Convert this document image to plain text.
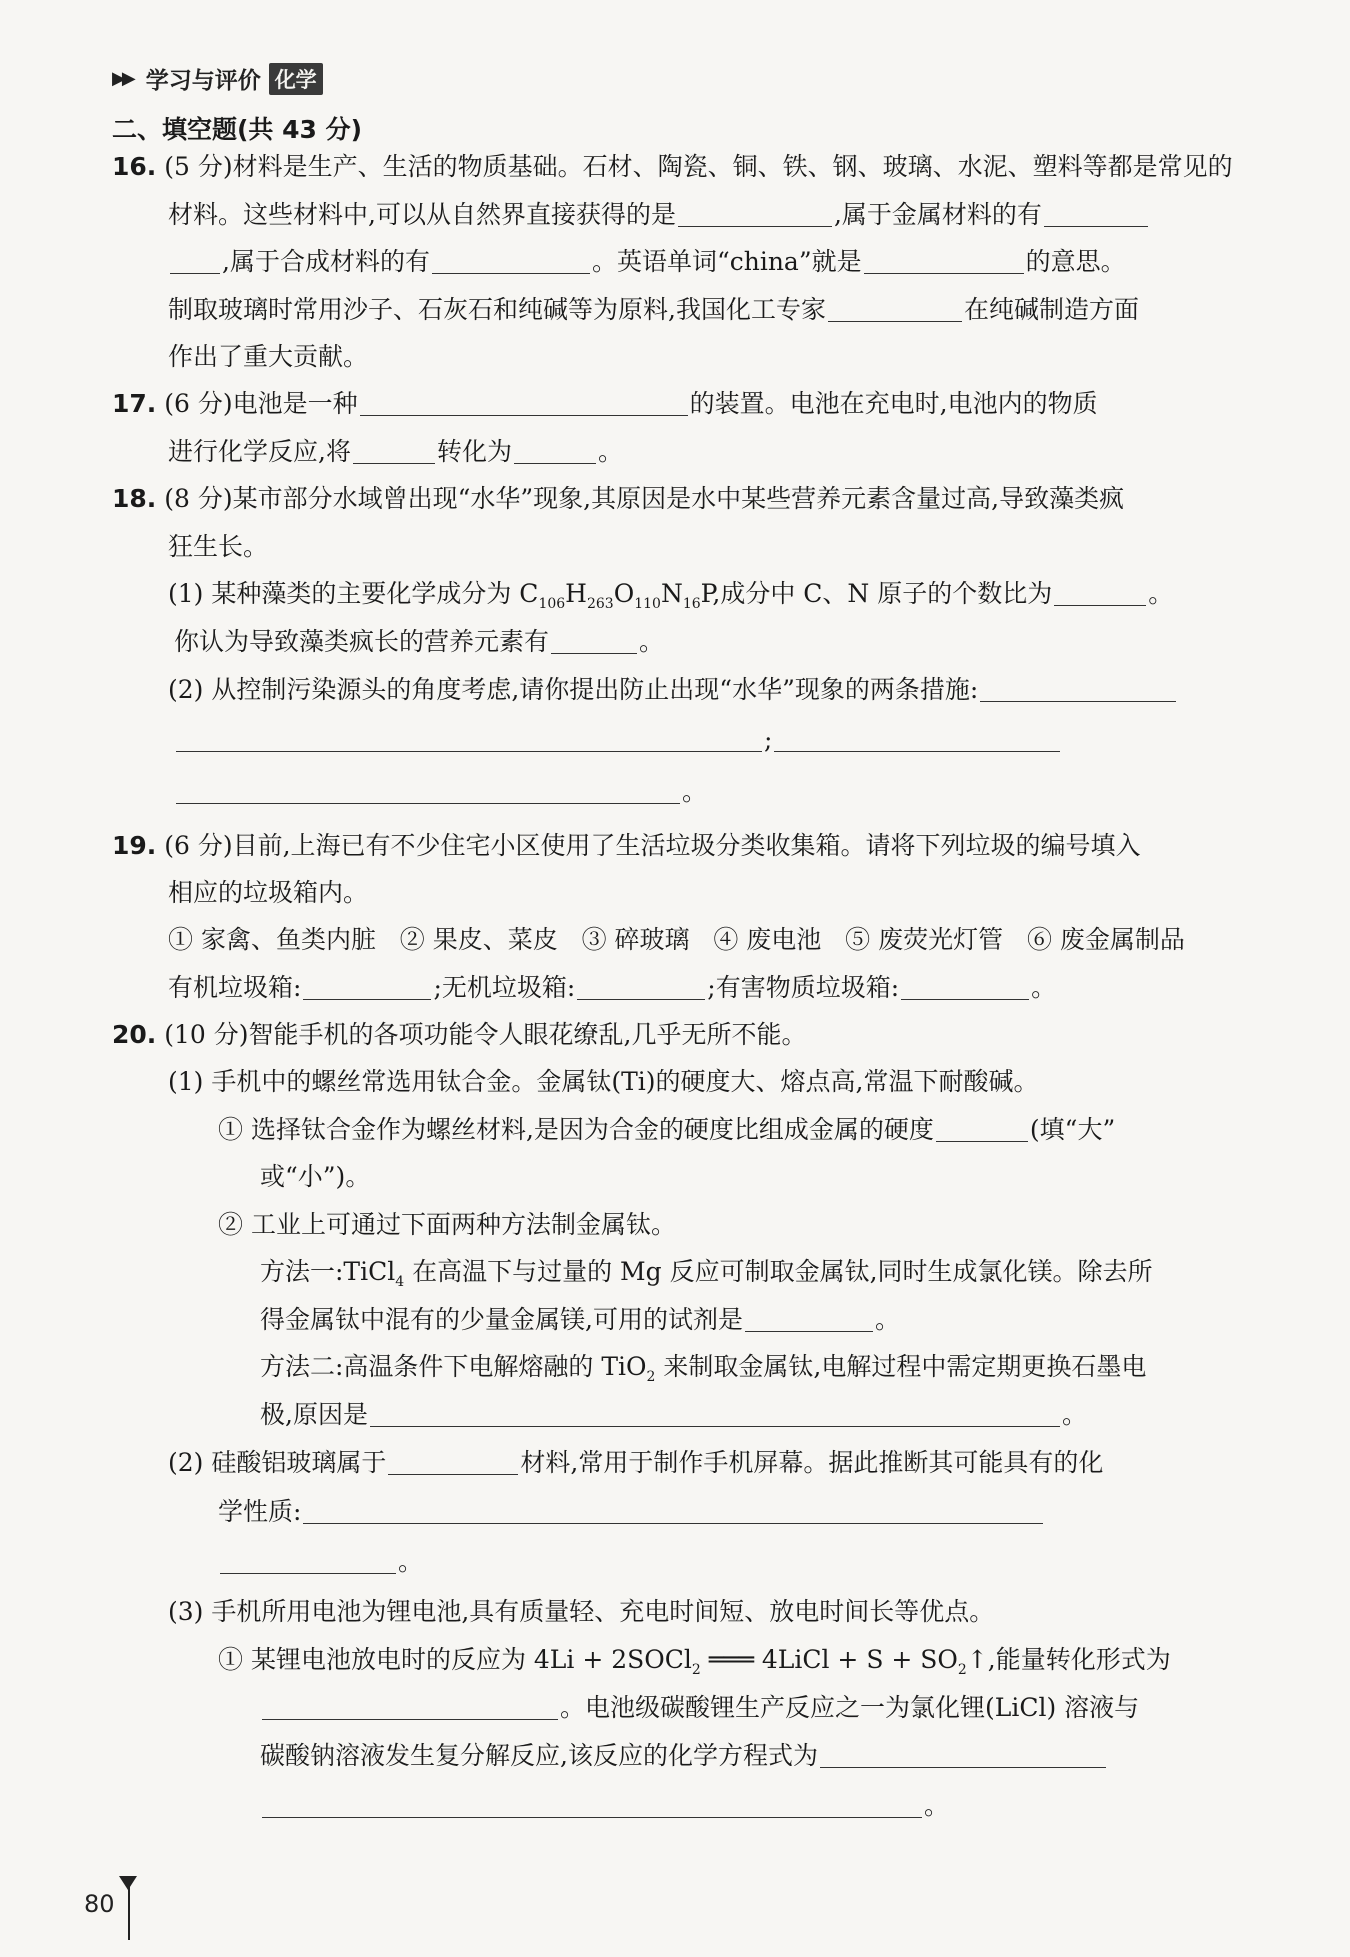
▶▶ 学习与评价 化学
二、填空题(共 43 分)
16. (5 分)材料是生产、生活的物质基础。石材、陶瓷、铜、铁、钢、玻璃、水泥、塑料等都是常见的
材料。这些材料中,可以从自然界直接获得的是	,属于金属材料的有
,属于合成材料的有	。英语单词“china”就是	的意思。
制取玻璃时常用沙子、石灰石和纯碱等为原料,我国化工专家	在纯碱制造方面
作出了重大贡献。
17. (6 分)电池是一种	的装置。电池在充电时,电池内的物质
进行化学反应,将	转化为	。
18. (8 分)某市部分水域曾出现“水华”现象,其原因是水中某些营养元素含量过高,导致藻类疯
狂生长。
(1) 某种藻类的主要化学成分为 $C_{106}H_{263}O_{110}N_{16}P$,成分中 C、N 原子的个数比为	。
你认为导致藻类疯长的营养元素有	。
(2) 从控制污染源头的角度考虑,请你提出防止出现“水华”现象的两条措施:
;
。
19. (6 分)目前,上海已有不少住宅小区使用了生活垃圾分类收集箱。请将下列垃圾的编号填入
相应的垃圾箱内。
① 家禽、鱼类内脏   ② 果皮、菜皮   ③ 碎玻璃   ④ 废电池   ⑤ 废荧光灯管   ⑥ 废金属制品
有机垃圾箱:	;无机垃圾箱:	;有害物质垃圾箱:	。
20. (10 分)智能手机的各项功能令人眼花缭乱,几乎无所不能。
(1) 手机中的螺丝常选用钛合金。金属钛(Ti)的硬度大、熔点高,常温下耐酸碱。
① 选择钛合金作为螺丝材料,是因为合金的硬度比组成金属的硬度	(填“大”
或“小”)。
② 工业上可通过下面两种方法制金属钛。
方法一:TiCl$_4$ 在高温下与过量的 Mg 反应可制取金属钛,同时生成氯化镁。除去所
得金属钛中混有的少量金属镁,可用的试剂是	。
方法二:高温条件下电解熔融的 TiO$_2$ 来制取金属钛,电解过程中需定期更换石墨电
极,原因是	。
(2) 硅酸铝玻璃属于	材料,常用于制作手机屏幕。据此推断其可能具有的化
学性质:
。
(3) 手机所用电池为锂电池,具有质量轻、充电时间短、放电时间长等优点。
① 某锂电池放电时的反应为 4Li + 2SOCl$_2$ ═══ 4LiCl + $S + SO_2↑$,能量转化形式为
。电池级碳酸锂生产反应之一为氯化锂(LiCl) 溶液与
碳酸钠溶液发生复分解反应,该反应的化学方程式为
。
80
